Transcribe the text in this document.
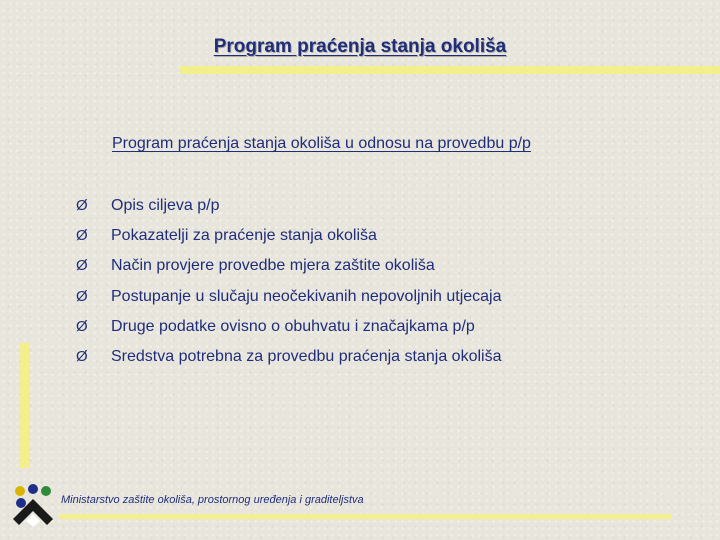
Program praćenja stanja okoliša

Program praćenja stanja okoliša u odnosu na provedbu p/p

Ø Opis ciljeva p/p
Ø Pokazatelji za praćenje stanja okoliša
Ø Način provjere provedbe mjera zaštite okoliša
Ø Postupanje u slučaju neočekivanih nepovoljnih utjecaja
Ø Druge podatke ovisno o obuhvatu i značajkama p/p
Ø Sredstva potrebna za provedbu praćenja stanja okoliša

Ministarstvo zaštite okoliša, prostornog uređenja i graditeljstva
